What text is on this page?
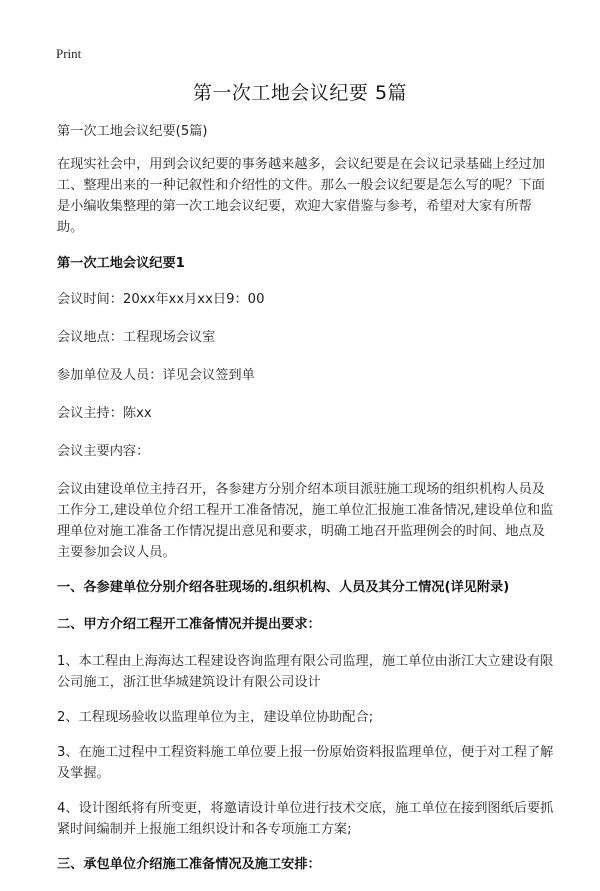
Print
第一次工地会议纪要 5篇

第一次工地会议纪要(5篇)

在现实社会中，用到会议纪要的事务越来越多，会议纪要是在会议记录基础上经过加工、整理出来的一种记叙性和介绍性的文件。那么一般会议纪要是怎么写的呢？下面是小编收集整理的第一次工地会议纪要，欢迎大家借鉴与参考，希望对大家有所帮助。

第一次工地会议纪要1

会议时间：20xx年xx月xx日9：00

会议地点：工程现场会议室

参加单位及人员：详见会议签到单

会议主持：陈xx

会议主要内容：

会议由建设单位主持召开，各参建方分别介绍本项目派驻施工现场的组织机构人员及工作分工,建设单位介绍工程开工准备情况，施工单位汇报施工准备情况,建设单位和监理单位对施工准备工作情况提出意见和要求，明确工地召开监理例会的时间、地点及主要参加会议人员。

一、各参建单位分别介绍各驻现场的.组织机构、人员及其分工情况(详见附录)

二、甲方介绍工程开工准备情况并提出要求：

1、本工程由上海海达工程建设咨询监理有限公司监理，施工单位由浙江大立建设有限公司施工，浙江世华城建筑设计有限公司设计

2、工程现场验收以监理单位为主，建设单位协助配合;

3、在施工过程中工程资料施工单位要上报一份原始资料报监理单位，便于对工程了解及掌握。

4、设计图纸将有所变更，将邀请设计单位进行技术交底，施工单位在接到图纸后要抓紧时间编制并上报施工组织设计和各专项施工方案;

三、承包单位介绍施工准备情况及施工安排：
